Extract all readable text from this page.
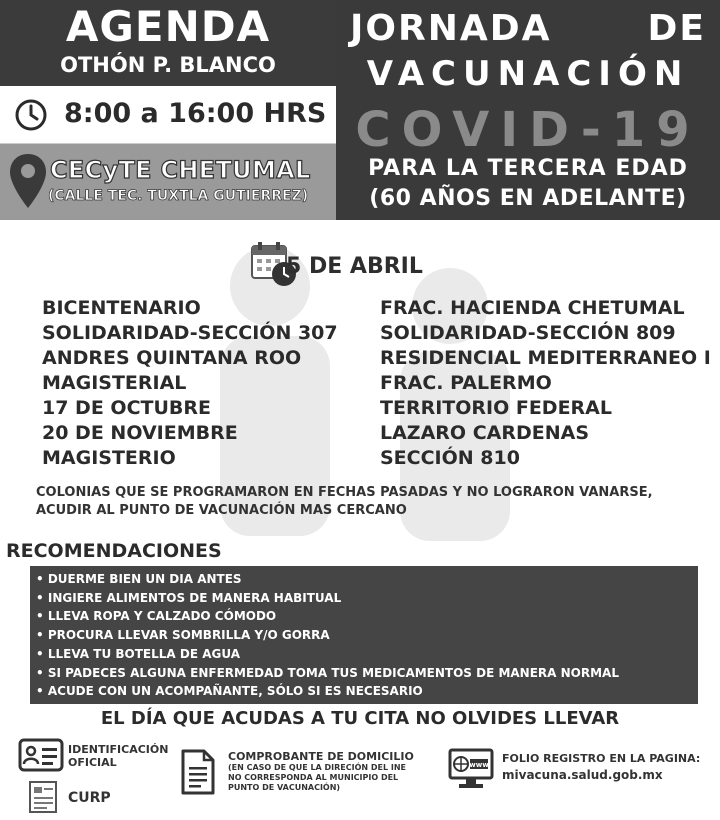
AGENDA
OTHÓN P. BLANCO
8:00 a 16:00 HRS
CECyTE CHETUMAL
(CALLE TEC. TUXTLA GUTIERREZ)
JORNADA	DE
VACUNACIÓN
COVID-19
PARA LA TERCERA EDAD
(60 AÑOS EN ADELANTE)
5 DE ABRIL
BICENTENARIO
SOLIDARIDAD-SECCIÓN 307
ANDRES QUINTANA ROO
MAGISTERIAL
17 DE OCTUBRE
20 DE NOVIEMBRE
MAGISTERIO
FRAC. HACIENDA CHETUMAL
SOLIDARIDAD-SECCIÓN 809
RESIDENCIAL MEDITERRANEO I
FRAC. PALERMO
TERRITORIO FEDERAL
LAZARO CARDENAS
SECCIÓN 810
COLONIAS QUE SE PROGRAMARON EN FECHAS PASADAS Y NO LOGRARON VANARSE,
ACUDIR AL PUNTO DE VACUNACIÓN MAS CERCANO
RECOMENDACIONES
• DUERME BIEN UN DIA ANTES
• INGIERE ALIMENTOS DE MANERA HABITUAL
• LLEVA ROPA Y CALZADO CÓMODO
• PROCURA LLEVAR SOMBRILLA Y/O GORRA
• LLEVA TU BOTELLA DE AGUA
• SI PADECES ALGUNA ENFERMEDAD TOMA TUS MEDICAMENTOS DE MANERA NORMAL
• ACUDE CON UN ACOMPAÑANTE, SÓLO SI ES NECESARIO
EL DÍA QUE ACUDAS A TU CITA NO OLVIDES LLEVAR
IDENTIFICACIÓN
OFICIAL
CURP
COMPROBANTE DE DOMICILIO
(EN CASO DE QUE LA DIRECIÓN DEL INE
NO CORRESPONDA AL MUNICIPIO DEL
PUNTO DE VACUNACIÓN)
www FOLIO REGISTRO EN LA PAGINA:
mivacuna.salud.gob.mx
